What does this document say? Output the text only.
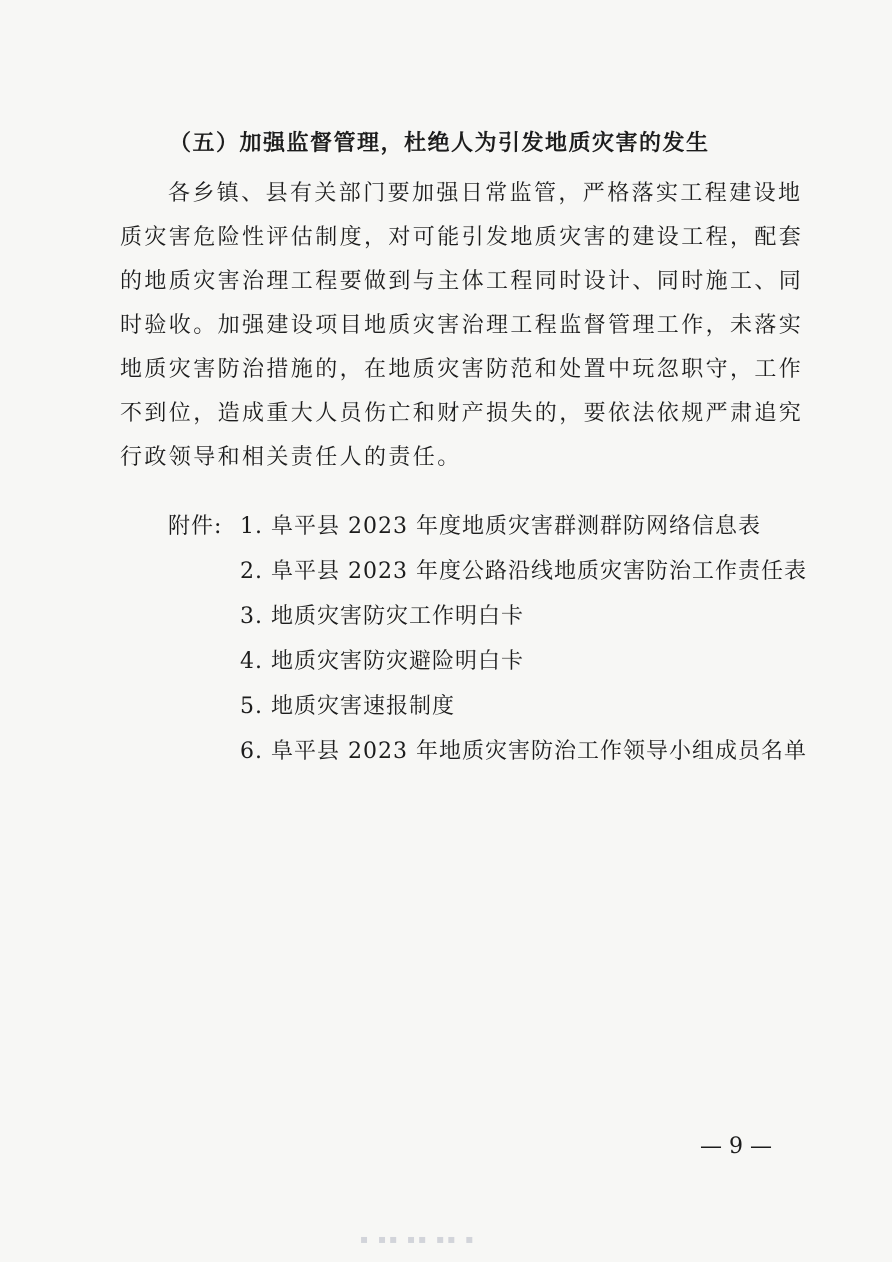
（五）加强监督管理，杜绝人为引发地质灾害的发生
各乡镇、县有关部门要加强日常监管，严格落实工程建设地
质灾害危险性评估制度，对可能引发地质灾害的建设工程，配套
的地质灾害治理工程要做到与主体工程同时设计、同时施工、同
时验收。加强建设项目地质灾害治理工程监督管理工作，未落实
地质灾害防治措施的，在地质灾害防范和处置中玩忽职守，工作
不到位，造成重大人员伤亡和财产损失的，要依法依规严肃追究
行政领导和相关责任人的责任。
附件: 1. 阜平县 2023 年度地质灾害群测群防网络信息表
2. 阜平县 2023 年度公路沿线地质灾害防治工作责任表
3. 地质灾害防灾工作明白卡
4. 地质灾害防灾避险明白卡
5. 地质灾害速报制度
6. 阜平县 2023 年地质灾害防治工作领导小组成员名单
— 9 —
▪ ▪▪ ▪▪ ▪▪ ▪
